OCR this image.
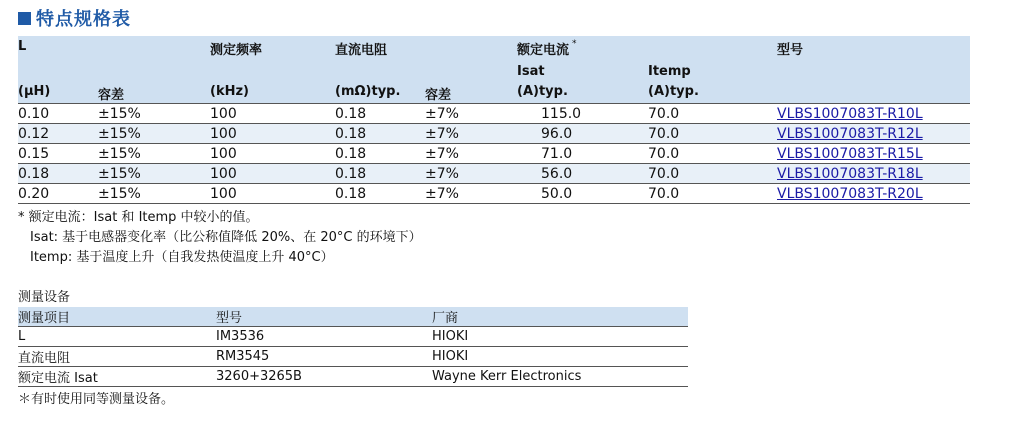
特点规格表
L		测定频率	直流电阻		额定电流 *		型号
					Isat	Itemp	
(μH)	容差	(kHz)	(mΩ)typ.	容差	(A)typ.	(A)typ.	
0.10	±15%	100	0.18	±7%	115.0	70.0	VLBS1007083T-R10L
0.12	±15%	100	0.18	±7%	96.0	70.0	VLBS1007083T-R12L
0.15	±15%	100	0.18	±7%	71.0	70.0	VLBS1007083T-R15L
0.18	±15%	100	0.18	±7%	56.0	70.0	VLBS1007083T-R18L
0.20	±15%	100	0.18	±7%	50.0	70.0	VLBS1007083T-R20L
* 额定电流：Isat 和 Itemp 中较小的值。
Isat: 基于电感器变化率（比公称值降低 20%、在 20°C 的环境下）
Itemp: 基于温度上升（自我发热使温度上升 40°C）
测量设备
测量项目	型号	厂商
L	IM3536	HIOKI
直流电阻	RM3545	HIOKI
额定电流 Isat	3260+3265B	Wayne Kerr Electronics
＊有时使用同等测量设备。
